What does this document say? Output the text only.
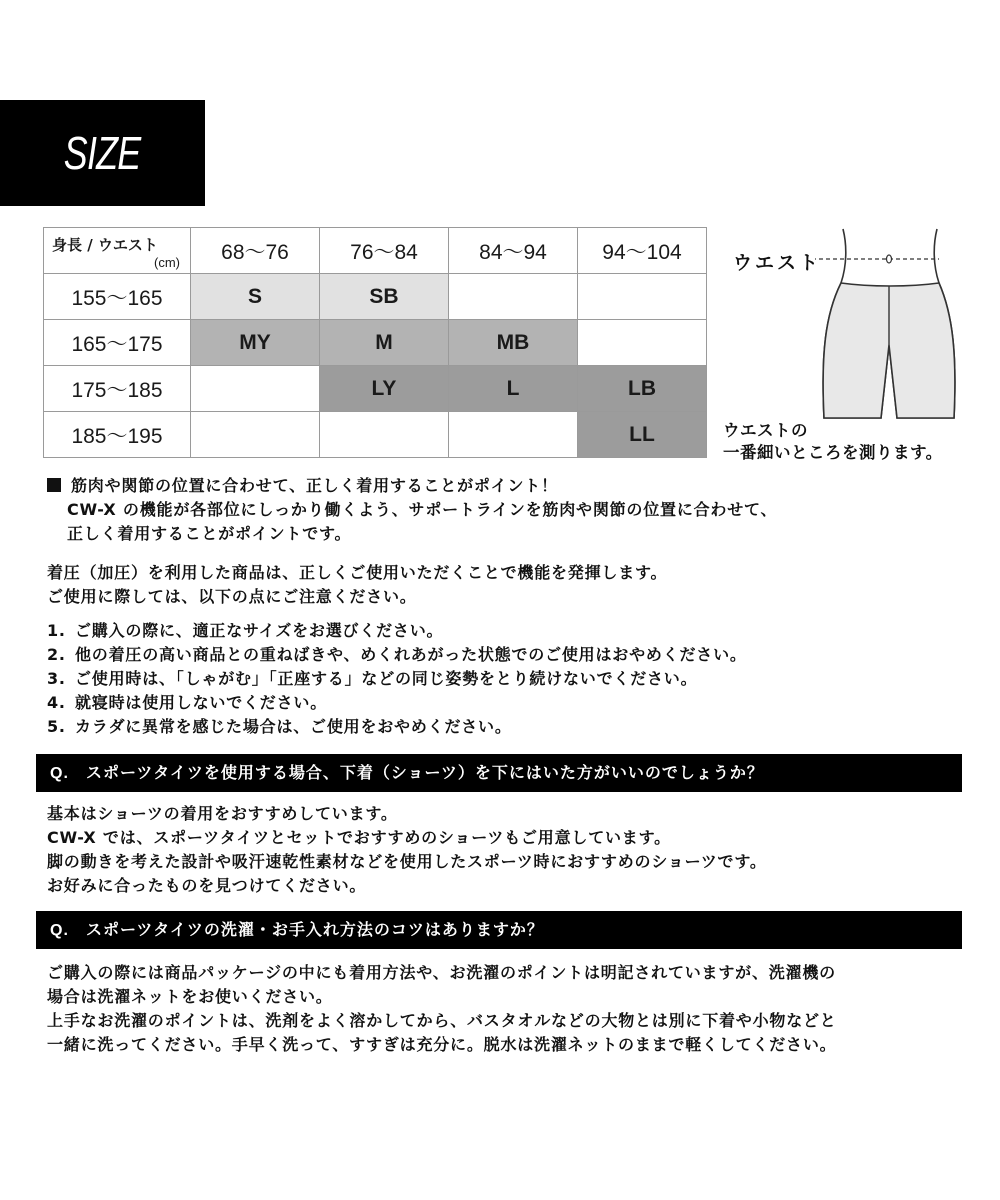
SIZE
身長 / ウエスト
(cm)	68〜76	76〜84	84〜94	94〜104
155〜165	S	SB		
165〜175	MY	M	MB	
175〜185		LY	L	LB
185〜195				LL
ウエスト
ウエストの
一番細いところを測ります。
筋肉や関節の位置に合わせて、正しく着用することがポイント！
CW-X の機能が各部位にしっかり働くよう、サポートラインを筋肉や関節の位置に合わせて、
正しく着用することがポイントです。
着圧（加圧）を利用した商品は、正しくご使用いただくことで機能を発揮します。
ご使用に際しては、以下の点にご注意ください。
1. ご購入の際に、適正なサイズをお選びください。
2. 他の着圧の高い商品との重ねばきや、めくれあがった状態でのご使用はおやめください。
3. ご使用時は、「しゃがむ」「正座する」などの同じ姿勢をとり続けないでください。
4. 就寝時は使用しないでください。
5. カラダに異常を感じた場合は、ご使用をおやめください。
Q. スポーツタイツを使用する場合、下着（ショーツ）を下にはいた方がいいのでしょうか？
基本はショーツの着用をおすすめしています。
CW-X では、スポーツタイツとセットでおすすめのショーツもご用意しています。
脚の動きを考えた設計や吸汗速乾性素材などを使用したスポーツ時におすすめのショーツです。
お好みに合ったものを見つけてください。
Q. スポーツタイツの洗濯・お手入れ方法のコツはありますか？
ご購入の際には商品パッケージの中にも着用方法や、お洗濯のポイントは明記されていますが、洗濯機の
場合は洗濯ネットをお使いください。
上手なお洗濯のポイントは、洗剤をよく溶かしてから、バスタオルなどの大物とは別に下着や小物などと
一緒に洗ってください。手早く洗って、すすぎは充分に。脱水は洗濯ネットのままで軽くしてください。
